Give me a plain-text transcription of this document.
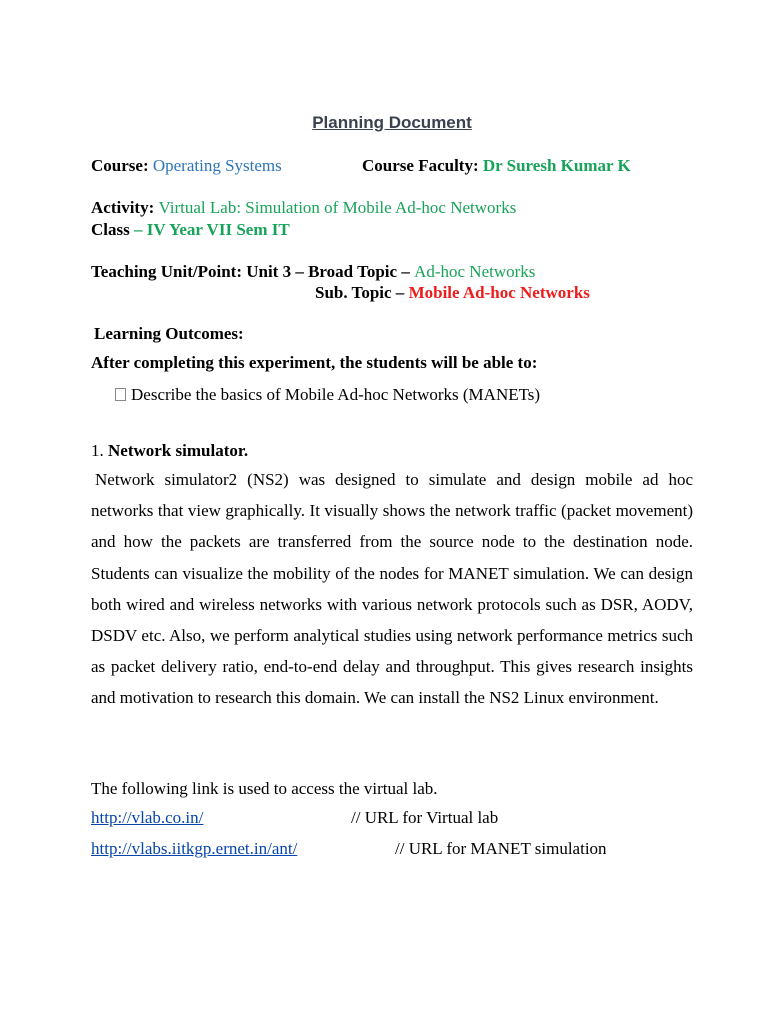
Planning Document
Course: Operating Systems	Course Faculty: Dr Suresh Kumar K
Activity: Virtual Lab: Simulation of Mobile Ad-hoc Networks
Class – IV Year VII Sem IT
Teaching Unit/Point: Unit 3 – Broad Topic – Ad-hoc Networks
Sub. Topic – Mobile Ad-hoc Networks
Learning Outcomes:
After completing this experiment, the students will be able to:
Describe the basics of Mobile Ad-hoc Networks (MANETs)
1. Network simulator.

Network simulator2 (NS2) was designed to simulate and design mobile ad hoc networks that view graphically. It visually shows the network traffic (packet movement) and how the packets are transferred from the source node to the destination node. Students can visualize the mobility of the nodes for MANET simulation. We can design both wired and wireless networks with various network protocols such as DSR, AODV, DSDV etc. Also, we perform analytical studies using network performance metrics such as packet delivery ratio, end-to-end delay and throughput. This gives research insights and motivation to research this domain. We can install the NS2 Linux environment.

The following link is used to access the virtual lab.
http://vlab.co.in/	// URL for Virtual lab
http://vlabs.iitkgp.ernet.in/ant/	// URL for MANET simulation
